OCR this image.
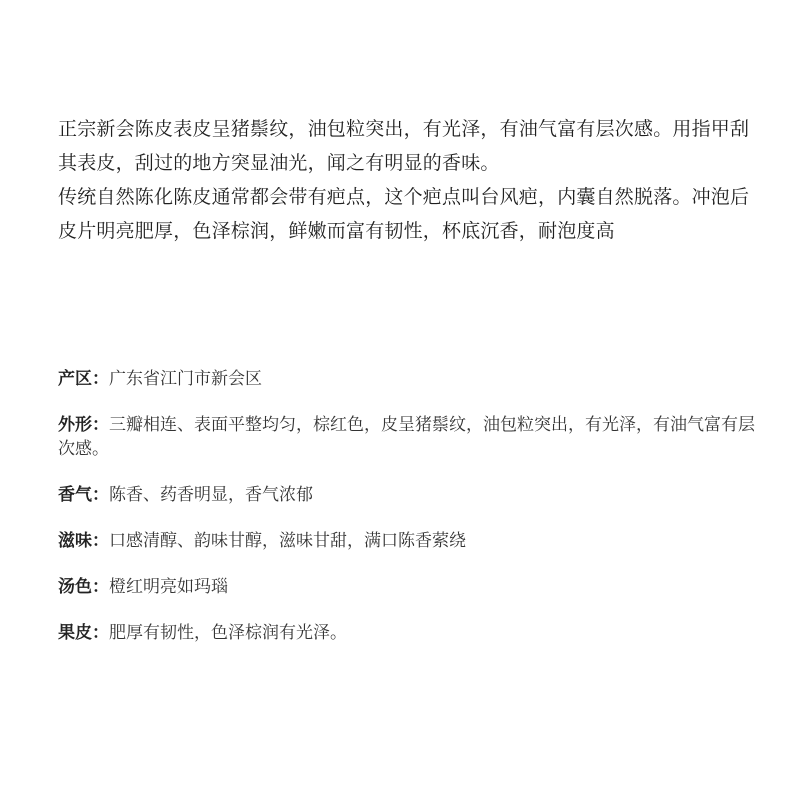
正宗新会陈皮表皮呈猪鬃纹，油包粒突出，有光泽，有油气富有层次感。用指甲刮其表皮，刮过的地方突显油光，闻之有明显的香味。

传统自然陈化陈皮通常都会带有疤点，这个疤点叫台风疤，内囊自然脱落。冲泡后皮片明亮肥厚，色泽棕润，鲜嫩而富有韧性，杯底沉香，耐泡度高

产区：广东省江门市新会区
外形：三瓣相连、表面平整均匀，棕红色，皮呈猪鬃纹，油包粒突出，有光泽，有油气富有层次感。
香气：陈香、药香明显，香气浓郁
滋味：口感清醇、韵味甘醇，滋味甘甜，满口陈香萦绕
汤色：橙红明亮如玛瑙
果皮：肥厚有韧性，色泽棕润有光泽。
